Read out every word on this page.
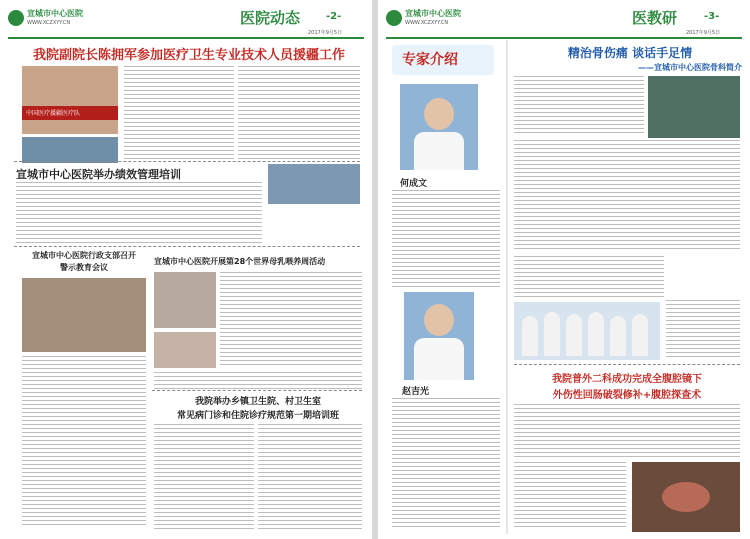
宣城市中心医院
WWW.XCZXYY.CN	医院动态	-2-
2017年9月5日
我院副院长陈拥军参加医疗卫生专业技术人员援疆工作
中国医疗援疆医疗队
宣城市中心医院举办绩效管理培训
宣城市中心医院行政支部召开
警示教育会议
宣城市中心医院开展第28个世界母乳喂养周活动
我院举办乡镇卫生院、村卫生室
常见病门诊和住院诊疗规范第一期培训班
宣城市中心医院
WWW.XCZXYY.CN	医教研	-3-
2017年9月5日
专家介绍
何成文
赵吉光
精治骨伤痛 谈话手足情
——宣城市中心医院骨科简介
我院普外二科成功完成全腹腔镜下
外伤性回肠破裂修补+腹腔探查术
